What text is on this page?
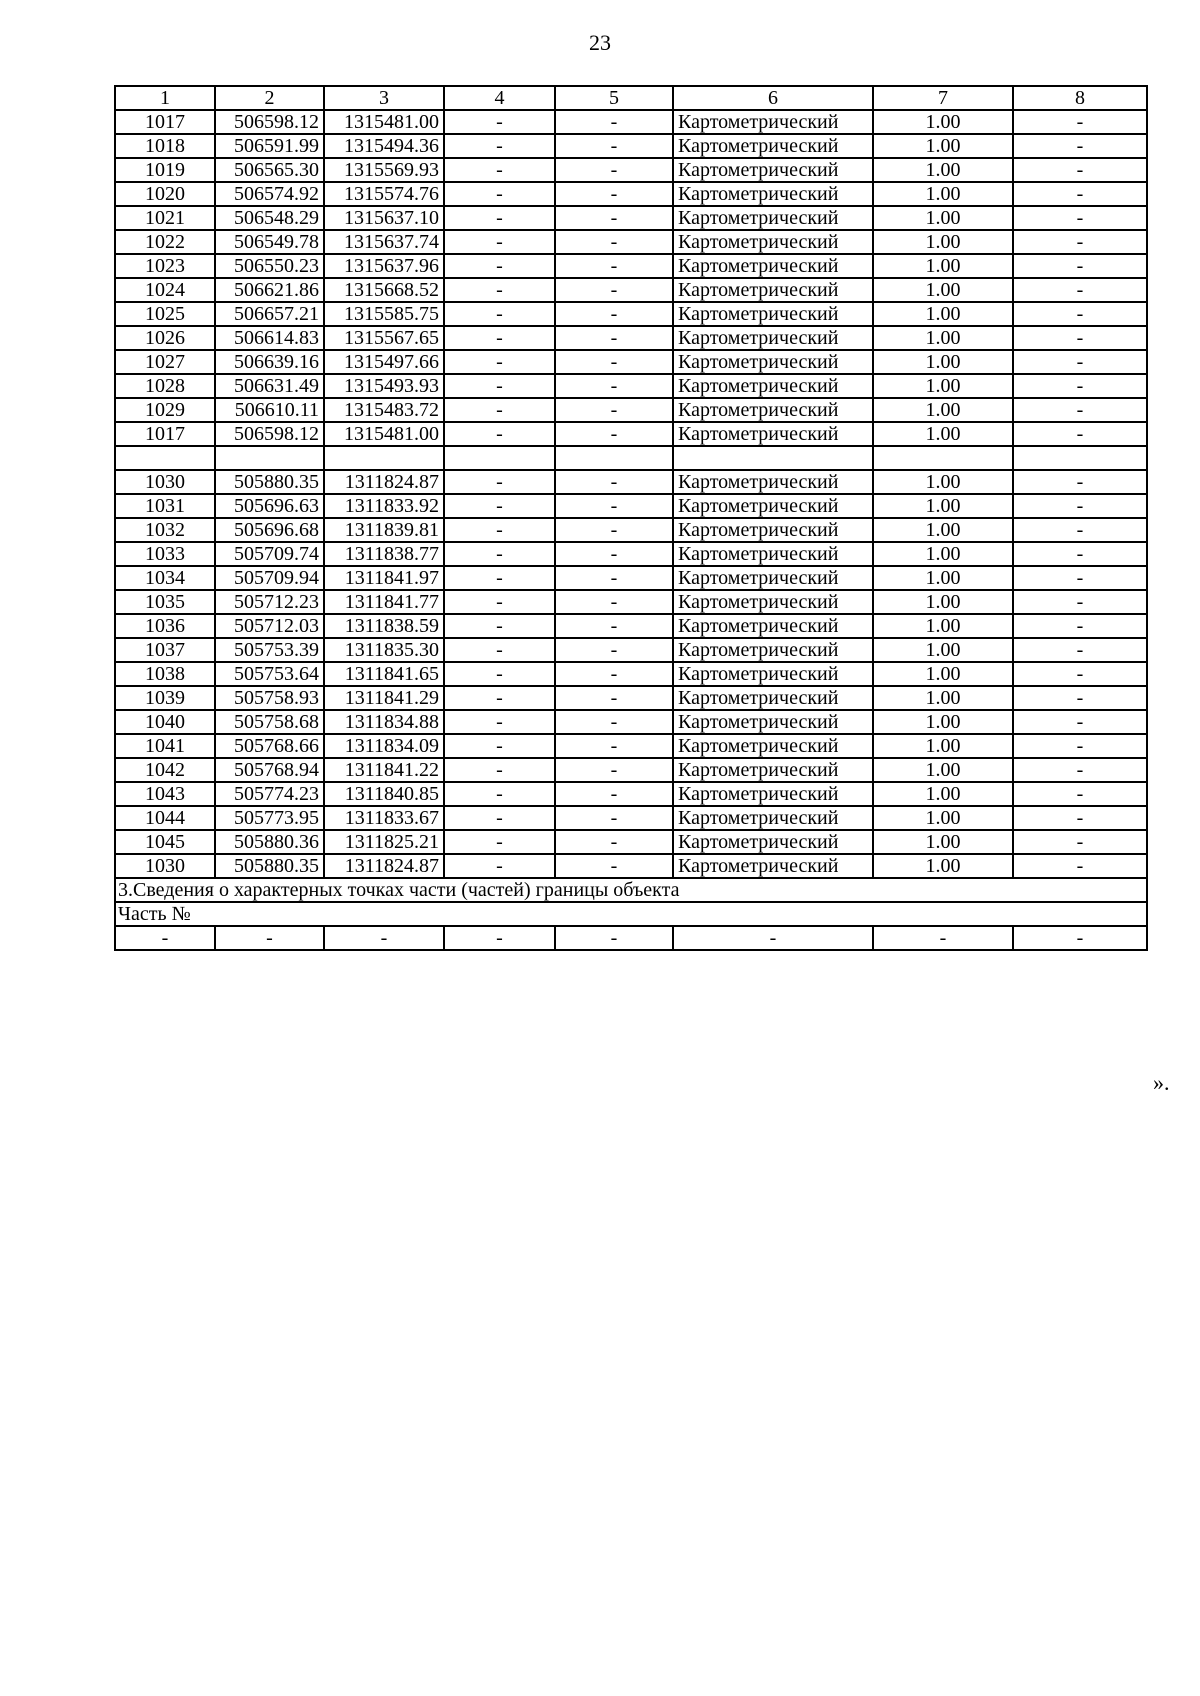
23
1	2	3	4	5	6	7	8
1017	506598.12	1315481.00	-	-	Картометрический	1.00	-
1018	506591.99	1315494.36	-	-	Картометрический	1.00	-
1019	506565.30	1315569.93	-	-	Картометрический	1.00	-
1020	506574.92	1315574.76	-	-	Картометрический	1.00	-
1021	506548.29	1315637.10	-	-	Картометрический	1.00	-
1022	506549.78	1315637.74	-	-	Картометрический	1.00	-
1023	506550.23	1315637.96	-	-	Картометрический	1.00	-
1024	506621.86	1315668.52	-	-	Картометрический	1.00	-
1025	506657.21	1315585.75	-	-	Картометрический	1.00	-
1026	506614.83	1315567.65	-	-	Картометрический	1.00	-
1027	506639.16	1315497.66	-	-	Картометрический	1.00	-
1028	506631.49	1315493.93	-	-	Картометрический	1.00	-
1029	506610.11	1315483.72	-	-	Картометрический	1.00	-
1017	506598.12	1315481.00	-	-	Картометрический	1.00	-

1030	505880.35	1311824.87	-	-	Картометрический	1.00	-
1031	505696.63	1311833.92	-	-	Картометрический	1.00	-
1032	505696.68	1311839.81	-	-	Картометрический	1.00	-
1033	505709.74	1311838.77	-	-	Картометрический	1.00	-
1034	505709.94	1311841.97	-	-	Картометрический	1.00	-
1035	505712.23	1311841.77	-	-	Картометрический	1.00	-
1036	505712.03	1311838.59	-	-	Картометрический	1.00	-
1037	505753.39	1311835.30	-	-	Картометрический	1.00	-
1038	505753.64	1311841.65	-	-	Картометрический	1.00	-
1039	505758.93	1311841.29	-	-	Картометрический	1.00	-
1040	505758.68	1311834.88	-	-	Картометрический	1.00	-
1041	505768.66	1311834.09	-	-	Картометрический	1.00	-
1042	505768.94	1311841.22	-	-	Картометрический	1.00	-
1043	505774.23	1311840.85	-	-	Картометрический	1.00	-
1044	505773.95	1311833.67	-	-	Картометрический	1.00	-
1045	505880.36	1311825.21	-	-	Картометрический	1.00	-
1030	505880.35	1311824.87	-	-	Картометрический	1.00	-
3.Сведения о характерных точках части (частей) границы объекта							
Часть №							
-	-	-	-	-	-	-	-
».
